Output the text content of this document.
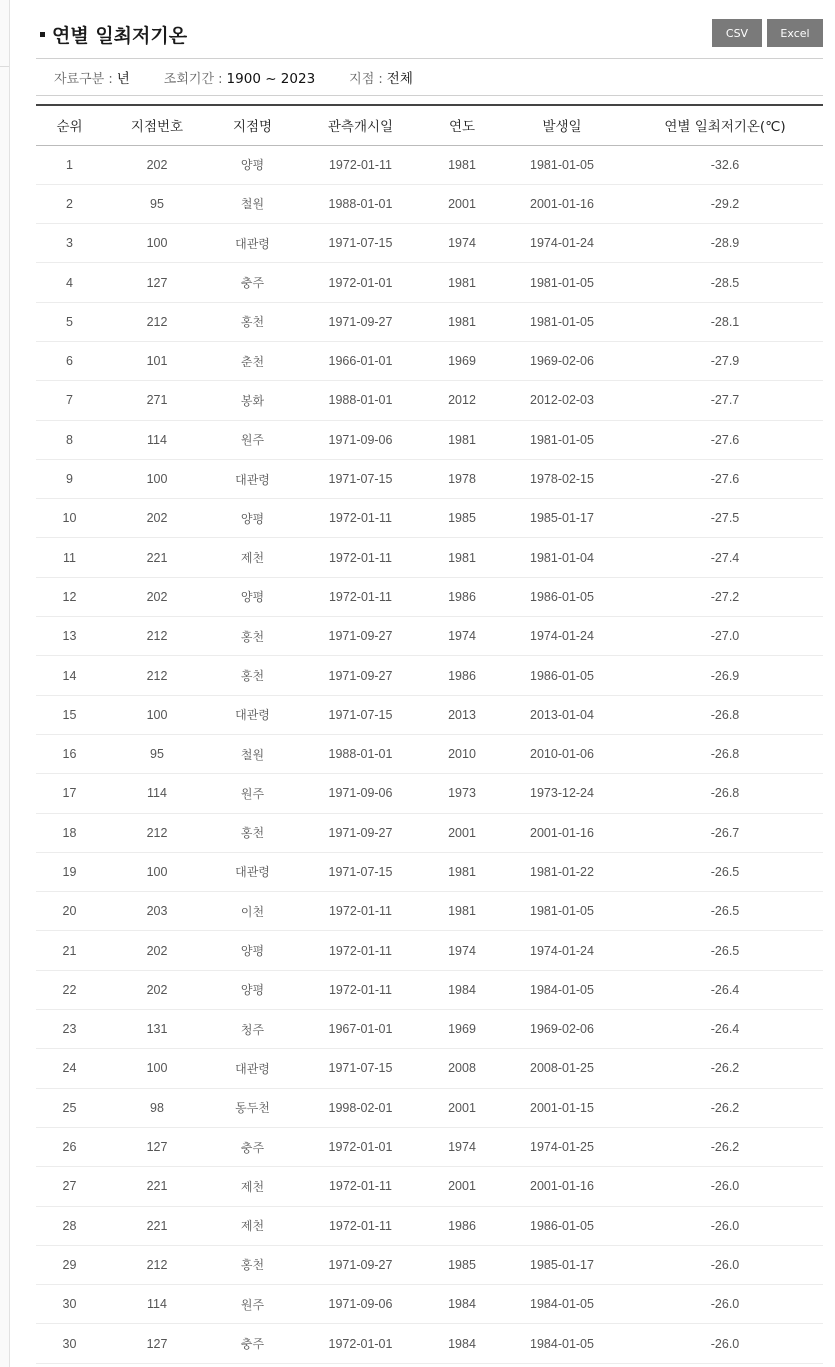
연별 일최저기온	CSV	Excel
자료구분 : 년	조회기간 : 1900 ~ 2023	지점 : 전체
순위	지점번호	지점명	관측개시일	연도	발생일	연별 일최저기온(℃)
1	202	양평	1972-01-11	1981	1981-01-05	-32.6
2	95	철원	1988-01-01	2001	2001-01-16	-29.2
3	100	대관령	1971-07-15	1974	1974-01-24	-28.9
4	127	충주	1972-01-01	1981	1981-01-05	-28.5
5	212	홍천	1971-09-27	1981	1981-01-05	-28.1
6	101	춘천	1966-01-01	1969	1969-02-06	-27.9
7	271	봉화	1988-01-01	2012	2012-02-03	-27.7
8	114	원주	1971-09-06	1981	1981-01-05	-27.6
9	100	대관령	1971-07-15	1978	1978-02-15	-27.6
10	202	양평	1972-01-11	1985	1985-01-17	-27.5
11	221	제천	1972-01-11	1981	1981-01-04	-27.4
12	202	양평	1972-01-11	1986	1986-01-05	-27.2
13	212	홍천	1971-09-27	1974	1974-01-24	-27.0
14	212	홍천	1971-09-27	1986	1986-01-05	-26.9
15	100	대관령	1971-07-15	2013	2013-01-04	-26.8
16	95	철원	1988-01-01	2010	2010-01-06	-26.8
17	114	원주	1971-09-06	1973	1973-12-24	-26.8
18	212	홍천	1971-09-27	2001	2001-01-16	-26.7
19	100	대관령	1971-07-15	1981	1981-01-22	-26.5
20	203	이천	1972-01-11	1981	1981-01-05	-26.5
21	202	양평	1972-01-11	1974	1974-01-24	-26.5
22	202	양평	1972-01-11	1984	1984-01-05	-26.4
23	131	청주	1967-01-01	1969	1969-02-06	-26.4
24	100	대관령	1971-07-15	2008	2008-01-25	-26.2
25	98	동두천	1998-02-01	2001	2001-01-15	-26.2
26	127	충주	1972-01-01	1974	1974-01-25	-26.2
27	221	제천	1972-01-11	2001	2001-01-16	-26.0
28	221	제천	1972-01-11	1986	1986-01-05	-26.0
29	212	홍천	1971-09-27	1985	1985-01-17	-26.0
30	114	원주	1971-09-06	1984	1984-01-05	-26.0
30	127	충주	1972-01-01	1984	1984-01-05	-26.0
